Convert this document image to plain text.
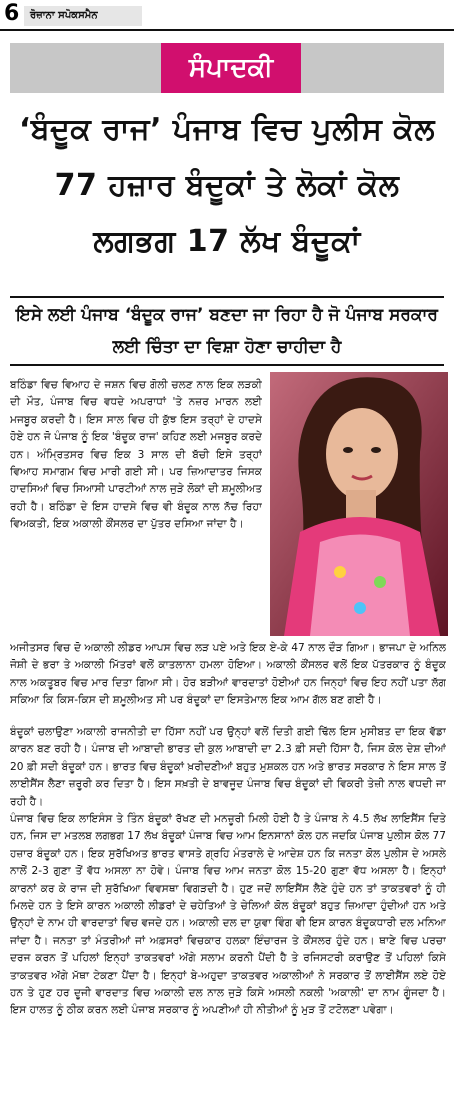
6	ਰੋਜ਼ਾਨਾ ਸਪੋਕਸਮੈਨ
ਸੰਪਾਦਕੀ
‘ਬੰਦੂਕ ਰਾਜ’ ਪੰਜਾਬ ਵਿਚ ਪੁਲੀਸ ਕੋਲ 77 ਹਜ਼ਾਰ ਬੰਦੂਕਾਂ ਤੇ ਲੋਕਾਂ ਕੋਲ ਲਗਭਗ 17 ਲੱਖ ਬੰਦੂਕਾਂ
ਇਸੇ ਲਈ ਪੰਜਾਬ ‘ਬੰਦੂਕ ਰਾਜ’ ਬਣਦਾ ਜਾ ਰਿਹਾ ਹੈ ਜੋ ਪੰਜਾਬ ਸਰਕਾਰ ਲਈ ਚਿੰਤਾ ਦਾ ਵਿਸ਼ਾ ਹੋਣਾ ਚਾਹੀਦਾ ਹੈ

ਬਠਿੰਡਾ ਵਿਚ ਵਿਆਹ ਦੇ ਜਸ਼ਨ ਵਿਚ ਗੋਲੀ ਚਲਣ ਨਾਲ ਇਕ ਲੜਕੀ ਦੀ ਮੌਤ, ਪੰਜਾਬ ਵਿਚ ਵਧਦੇ ਅਪਰਾਧਾਂ 'ਤੇ ਨਜ਼ਰ ਮਾਰਨ ਲਈ ਮਜਬੂਰ ਕਰਦੀ ਹੈ। ਇਸ ਸਾਲ ਵਿਚ ਹੀ ਕੁੱਝ ਇਸ ਤਰ੍ਹਾਂ ਦੇ ਹਾਦਸੇ ਹੋਏ ਹਨ ਜੋ ਪੰਜਾਬ ਨੂੰ ਇਕ 'ਬੰਦੂਕ ਰਾਜ' ਕਹਿਣ ਲਈ ਮਜਬੂਰ ਕਰਦੇ ਹਨ। ਅੰਮ੍ਰਿਤਸਰ ਵਿਚ ਇਕ 3 ਸਾਲ ਦੀ ਬੱਚੀ ਇਸੇ ਤਰ੍ਹਾਂ ਵਿਆਹ ਸਮਾਗਮ ਵਿਚ ਮਾਰੀ ਗਈ ਸੀ। ਪਰ ਜ਼ਿਆਦਾਤਰ ਜਿਸਕ ਹਾਦਸਿਆਂ ਵਿਚ ਸਿਆਸੀ ਪਾਰਟੀਆਂ ਨਾਲ ਜੁੜੇ ਲੋਕਾਂ ਦੀ ਸ਼ਮੂਲੀਅਤ ਰਹੀ ਹੈ। ਬਠਿੰਡਾ ਦੇ ਇਸ ਹਾਦਸੇ ਵਿਚ ਵੀ ਬੰਦੂਕ ਨਾਲ ਨੱਚ ਰਿਹਾ ਵਿਅਕਤੀ, ਇਕ ਅਕਾਲੀ ਕੌਂਸਲਰ ਦਾ ਪੁੱਤਰ ਦਸਿਆ ਜਾਂਦਾ ਹੈ।

ਅਜੀਤਸਰ ਵਿਚ ਦੋ ਅਕਾਲੀ ਲੀਡਰ ਆਪਸ ਵਿਚ ਲੜ ਪਏ ਅਤੇ ਇਕ ਏ-ਕੇ 47 ਨਾਲ ਦੌੜ ਗਿਆ। ਭਾਜਪਾ ਦੇ ਅਨਿਲ ਜੋਸ਼ੀ ਦੇ ਭਰਾ ਤੇ ਅਕਾਲੀ ਮਿੱਤਰਾਂ ਵਲੋਂ ਕਾਤਲਾਨਾ ਹਮਲਾ ਹੋਇਆ। ਅਕਾਲੀ ਕੌਂਸਲਰ ਵਲੋਂ ਇਕ ਪੱਤਰਕਾਰ ਨੂੰ ਬੰਦੂਕ ਨਾਲ ਅਕਤੂਬਰ ਵਿਚ ਮਾਰ ਦਿਤਾ ਗਿਆ ਸੀ। ਹੋਰ ਬੜੀਆਂ ਵਾਰਦਾਤਾਂ ਹੋਈਆਂ ਹਨ ਜਿਨ੍ਹਾਂ ਵਿਚ ਇਹ ਨਹੀਂ ਪਤਾ ਲੱਗ ਸਕਿਆ ਕਿ ਕਿਸ-ਕਿਸ ਦੀ ਸ਼ਮੂਲੀਅਤ ਸੀ ਪਰ ਬੰਦੂਕਾਂ ਦਾ ਇਸਤੇਮਾਲ ਇਕ ਆਮ ਗੱਲ ਬਣ ਗਈ ਹੈ।

ਬੰਦੂਕਾਂ ਚਲਾਉਣਾ ਅਕਾਲੀ ਰਾਜਨੀਤੀ ਦਾ ਹਿੱਸਾ ਨਹੀਂ ਪਰ ਉਨ੍ਹਾਂ ਵਲੋਂ ਦਿਤੀ ਗਈ ਢਿੱਲ ਇਸ ਮੁਸੀਬਤ ਦਾ ਇਕ ਵੱਡਾ ਕਾਰਨ ਬਣ ਰਹੀ ਹੈ। ਪੰਜਾਬ ਦੀ ਆਬਾਦੀ ਭਾਰਤ ਦੀ ਕੁਲ ਆਬਾਦੀ ਦਾ 2.3 ਫ਼ੀ ਸਦੀ ਹਿੱਸਾ ਹੈ, ਜਿਸ ਕੋਲ ਦੇਸ਼ ਦੀਆਂ 20 ਫ਼ੀ ਸਦੀ ਬੰਦੂਕਾਂ ਹਨ। ਭਾਰਤ ਵਿਚ ਬੰਦੂਕਾਂ ਖ਼ਰੀਦਣੀਆਂ ਬਹੁਤ ਮੁਸ਼ਕਲ ਹਨ ਅਤੇ ਭਾਰਤ ਸਰਕਾਰ ਨੇ ਇਸ ਸਾਲ ਤੋਂ ਲਾਈਸੈਂਸ ਲੈਣਾ ਜ਼ਰੂਰੀ ਕਰ ਦਿਤਾ ਹੈ। ਇਸ ਸਖ਼ਤੀ ਦੇ ਬਾਵਜੂਦ ਪੰਜਾਬ ਵਿਚ ਬੰਦੂਕਾਂ ਦੀ ਵਿਕਰੀ ਤੇਜ਼ੀ ਨਾਲ ਵਧਦੀ ਜਾ ਰਹੀ ਹੈ।

ਪੰਜਾਬ ਵਿਚ ਇਕ ਲਾਇਸੰਸ ਤੇ ਤਿੰਨ ਬੰਦੂਕਾਂ ਰੱਖਣ ਦੀ ਮਨਜ਼ੂਰੀ ਮਿਲੀ ਹੋਈ ਹੈ ਤੇ ਪੰਜਾਬ ਨੇ 4.5 ਲੱਖ ਲਾਇਸੈਂਸ ਦਿਤੇ ਹਨ, ਜਿਸ ਦਾ ਮਤਲਬ ਲਗਭਗ 17 ਲੱਖ ਬੰਦੂਕਾਂ ਪੰਜਾਬ ਵਿਚ ਆਮ ਇਨਸਾਨਾਂ ਕੋਲ ਹਨ ਜਦਕਿ ਪੰਜਾਬ ਪੁਲੀਸ ਕੋਲ 77 ਹਜ਼ਾਰ ਬੰਦੂਕਾਂ ਹਨ। ਇਕ ਸੁਰੱਖਿਅਤ ਭਾਰਤ ਵਾਸਤੇ ਗ੍ਰਹਿ ਮੰਤਰਾਲੇ ਦੇ ਆਦੇਸ਼ ਹਨ ਕਿ ਜਨਤਾ ਕੋਲ ਪੁਲੀਸ ਦੇ ਅਸਲੇ ਨਾਲੋਂ 2-3 ਗੁਣਾ ਤੋਂ ਵੱਧ ਅਸਲਾ ਨਾ ਹੋਵੇ। ਪੰਜਾਬ ਵਿਚ ਆਮ ਜਨਤਾ ਕੋਲ 15-20 ਗੁਣਾ ਵੱਧ ਅਸਲਾ ਹੈ। ਇਨ੍ਹਾਂ ਕਾਰਨਾਂ ਕਰ ਕੇ ਰਾਜ ਦੀ ਸੁਰੱਖਿਆ ਵਿਵਸਥਾ ਵਿਗੜਦੀ ਹੈ। ਹੁਣ ਜਦੋਂ ਲਾਇਸੈਂਸ ਲੈਣੇ ਹੁੰਦੇ ਹਨ ਤਾਂ ਤਾਕਤਵਰਾਂ ਨੂੰ ਹੀ ਮਿਲਦੇ ਹਨ ਤੇ ਇਸੇ ਕਾਰਨ ਅਕਾਲੀ ਲੀਡਰਾਂ ਦੇ ਚਹੇਤਿਆਂ ਤੇ ਚੇਲਿਆਂ ਕੋਲ ਬੰਦੂਕਾਂ ਬਹੁਤ ਜ਼ਿਆਦਾ ਹੁੰਦੀਆਂ ਹਨ ਅਤੇ ਉਨ੍ਹਾਂ ਦੇ ਨਾਮ ਹੀ ਵਾਰਦਾਤਾਂ ਵਿਚ ਵਜਦੇ ਹਨ। ਅਕਾਲੀ ਦਲ ਦਾ ਯੁਵਾ ਵਿੰਗ ਵੀ ਇਸ ਕਾਰਨ ਬੰਦੂਕਧਾਰੀ ਦਲ ਮਨਿਆ ਜਾਂਦਾ ਹੈ। ਜਨਤਾ ਤਾਂ ਮੰਤਰੀਆਂ ਜਾਂ ਅਫ਼ਸਰਾਂ ਵਿਚਕਾਰ ਹਲਕਾ ਇੰਚਾਰਜ ਤੇ ਕੌਂਸਲਰ ਹੁੰਦੇ ਹਨ। ਥਾਣੇ ਵਿਚ ਪਰਚਾ ਦਰਜ ਕਰਨ ਤੋਂ ਪਹਿਲਾਂ ਇਨ੍ਹਾਂ ਤਾਕਤਵਰਾਂ ਅੱਗੇ ਸਲਾਮ ਕਰਨੀ ਪੈਂਦੀ ਹੈ ਤੇ ਰਜਿਸਟਰੀ ਕਰਾਉਣ ਤੋਂ ਪਹਿਲਾਂ ਕਿਸੇ ਤਾਕਤਵਰ ਅੱਗੇ ਮੱਥਾ ਟੇਕਣਾ ਪੈਂਦਾ ਹੈ। ਇਨ੍ਹਾਂ ਬੇ-ਅਹੁਦਾ ਤਾਕਤਵਰ ਅਕਾਲੀਆਂ ਨੇ ਸਰਕਾਰ ਤੋਂ ਲਾਈਸੈਂਸ ਲਏ ਹੋਏ ਹਨ ਤੇ ਹੁਣ ਹਰ ਦੂਜੀ ਵਾਰਦਾਤ ਵਿਚ ਅਕਾਲੀ ਦਲ ਨਾਲ ਜੁੜੇ ਕਿਸੇ ਅਸਲੀ ਨਕਲੀ 'ਅਕਾਲੀ' ਦਾ ਨਾਮ ਗੂੰਜਦਾ ਹੈ। ਇਸ ਹਾਲਤ ਨੂੰ ਠੀਕ ਕਰਨ ਲਈ ਪੰਜਾਬ ਸਰਕਾਰ ਨੂੰ ਅਪਣੀਆਂ ਹੀ ਨੀਤੀਆਂ ਨੂੰ ਮੁੜ ਤੋਂ ਟਟੋਲਣਾ ਪਵੇਗਾ।
